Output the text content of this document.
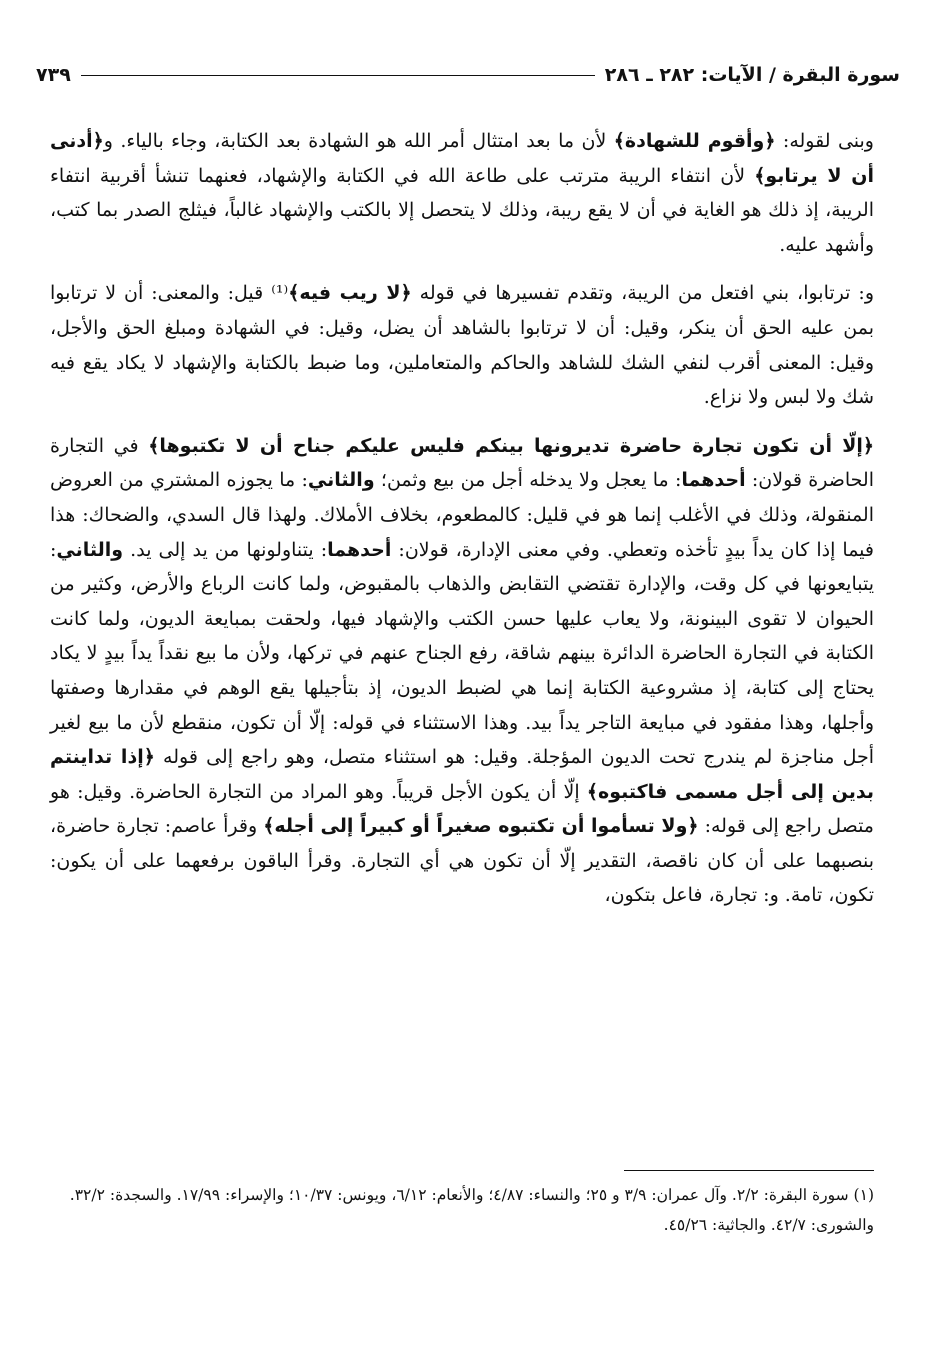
سورة البقرة / الآيات: ٢٨٢ ـ ٢٨٦
٧٣٩

وبنى لقوله: ﴿وأقوم للشهادة﴾ لأن ما بعد امتثال أمر الله هو الشهادة بعد الكتابة، وجاء بالياء. و﴿أدنى أن لا يرتابو﴾ لأن انتفاء الريبة مترتب على طاعة الله في الكتابة والإشهاد، فعنهما تنشأ أقربية انتفاء الريبة، إذ ذلك هو الغاية في أن لا يقع ريبة، وذلك لا يتحصل إلا بالكتب والإشهاد غالباً، فيثلج الصدر بما كتب، وأشهد عليه.

و: ترتابوا، بني افتعل من الريبة، وتقدم تفسيرها في قوله ﴿لا ريب فيه﴾⁽¹⁾ قيل: والمعنى: أن لا ترتابوا بمن عليه الحق أن ينكر، وقيل: أن لا ترتابوا بالشاهد أن يضل، وقيل: في الشهادة ومبلغ الحق والأجل، وقيل: المعنى أقرب لنفي الشك للشاهد والحاكم والمتعاملين، وما ضبط بالكتابة والإشهاد لا يكاد يقع فيه شك ولا لبس ولا نزاع.

﴿إلّا أن تكون تجارة حاضرة تديرونها بينكم فليس عليكم جناح أن لا تكتبوها﴾ في التجارة الحاضرة قولان: أحدهما: ما يعجل ولا يدخله أجل من بيع وثمن؛ والثاني: ما يجوزه المشتري من العروض المنقولة، وذلك في الأغلب إنما هو في قليل: كالمطعوم، بخلاف الأملاك. ولهذا قال السدي، والضحاك: هذا فيما إذا كان يداً بيدٍ تأخذه وتعطي. وفي معنى الإدارة، قولان: أحدهما: يتناولونها من يد إلى يد. والثاني: يتبايعونها في كل وقت، والإدارة تقتضي التقابض والذهاب بالمقبوض، ولما كانت الرباع والأرض، وكثير من الحيوان لا تقوى البينونة، ولا يعاب عليها حسن الكتب والإشهاد فيها، ولحقت بمبايعة الديون، ولما كانت الكتابة في التجارة الحاضرة الدائرة بينهم شاقة، رفع الجناح عنهم في تركها، ولأن ما بيع نقداً يداً بيدٍ لا يكاد يحتاج إلى كتابة، إذ مشروعية الكتابة إنما هي لضبط الديون، إذ بتأجيلها يقع الوهم في مقدارها وصفتها وأجلها، وهذا مفقود في مبايعة التاجر يداً بيد. وهذا الاستثناء في قوله: إلّا أن تكون، منقطع لأن ما بيع لغير أجل مناجزة لم يندرج تحت الديون المؤجلة. وقيل: هو استثناء متصل، وهو راجع إلى قوله ﴿إذا تداينتم بدين إلى أجل مسمى فاكتبوه﴾ إلّا أن يكون الأجل قريباً. وهو المراد من التجارة الحاضرة. وقيل: هو متصل راجع إلى قوله: ﴿ولا تسأموا أن تكتبوه صغيراً أو كبيراً إلى أجله﴾ وقرأ عاصم: تجارة حاضرة، بنصبهما على أن كان ناقصة، التقدير إلّا أن تكون هي أي التجارة. وقرأ الباقون برفعهما على أن يكون: تكون، تامة. و: تجارة، فاعل بتكون،

(١) سورة البقرة: ٢/٢. وآل عمران: ٣/٩ و ٢٥؛ والنساء: ٤/٨٧؛ والأنعام: ٦/١٢، ويونس: ١٠/٣٧؛ والإسراء: ١٧/٩٩. والسجدة: ٣٢/٢. والشورى: ٤٢/٧. والجاثية: ٤٥/٢٦.
